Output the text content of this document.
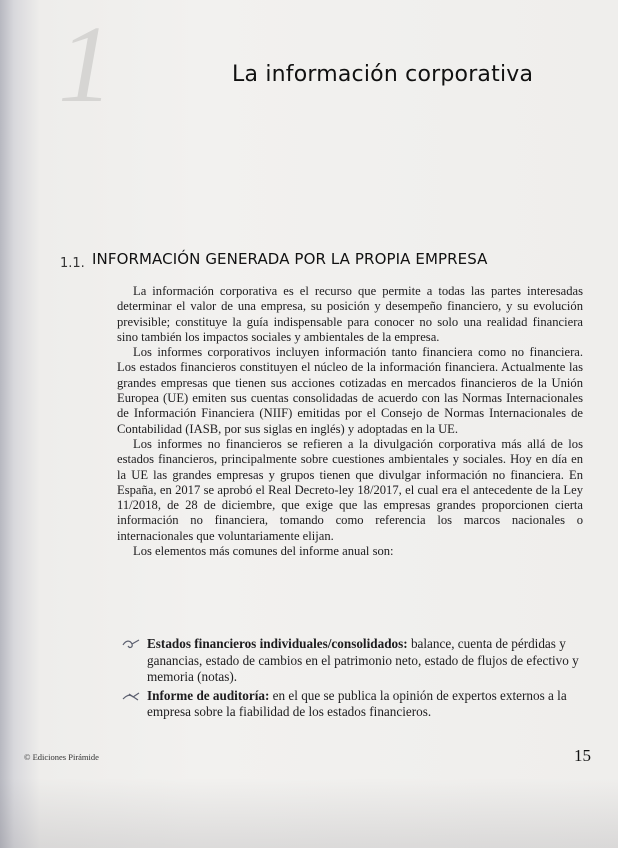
1	La información corporativa
1.1. INFORMACIÓN GENERADA POR LA PROPIA EMPRESA

La información corporativa es el recurso que permite a todas las partes interesadas determinar el valor de una empresa, su posición y desempeño financiero, y su evolución previsible; constituye la guía indispensable para conocer no solo una realidad financiera sino también los impactos sociales y ambientales de la empresa.

Los informes corporativos incluyen información tanto financiera como no financiera. Los estados financieros constituyen el núcleo de la información financiera. Actualmente las grandes empresas que tienen sus acciones cotizadas en mercados financieros de la Unión Europea (UE) emiten sus cuentas consolidadas de acuerdo con las Normas Internacionales de Información Financiera (NIIF) emitidas por el Consejo de Normas Internacionales de Contabilidad (IASB, por sus siglas en inglés) y adoptadas en la UE.

Los informes no financieros se refieren a la divulgación corporativa más allá de los estados financieros, principalmente sobre cuestiones ambientales y sociales. Hoy en día en la UE las grandes empresas y grupos tienen que divulgar información no financiera. En España, en 2017 se aprobó el Real Decreto-ley 18/2017, el cual era el antecedente de la Ley 11/2018, de 28 de diciembre, que exige que las empresas grandes proporcionen cierta información no financiera, tomando como referencia los marcos nacionales o internacionales que voluntariamente elijan.

Los elementos más comunes del informe anual son:

Estados financieros individuales/consolidados: balance, cuenta de pérdidas y ganancias, estado de cambios en el patrimonio neto, estado de flujos de efectivo y memoria (notas).
Informe de auditoría: en el que se publica la opinión de expertos externos a la empresa sobre la fiabilidad de los estados financieros.
© Ediciones Pirámide	15
